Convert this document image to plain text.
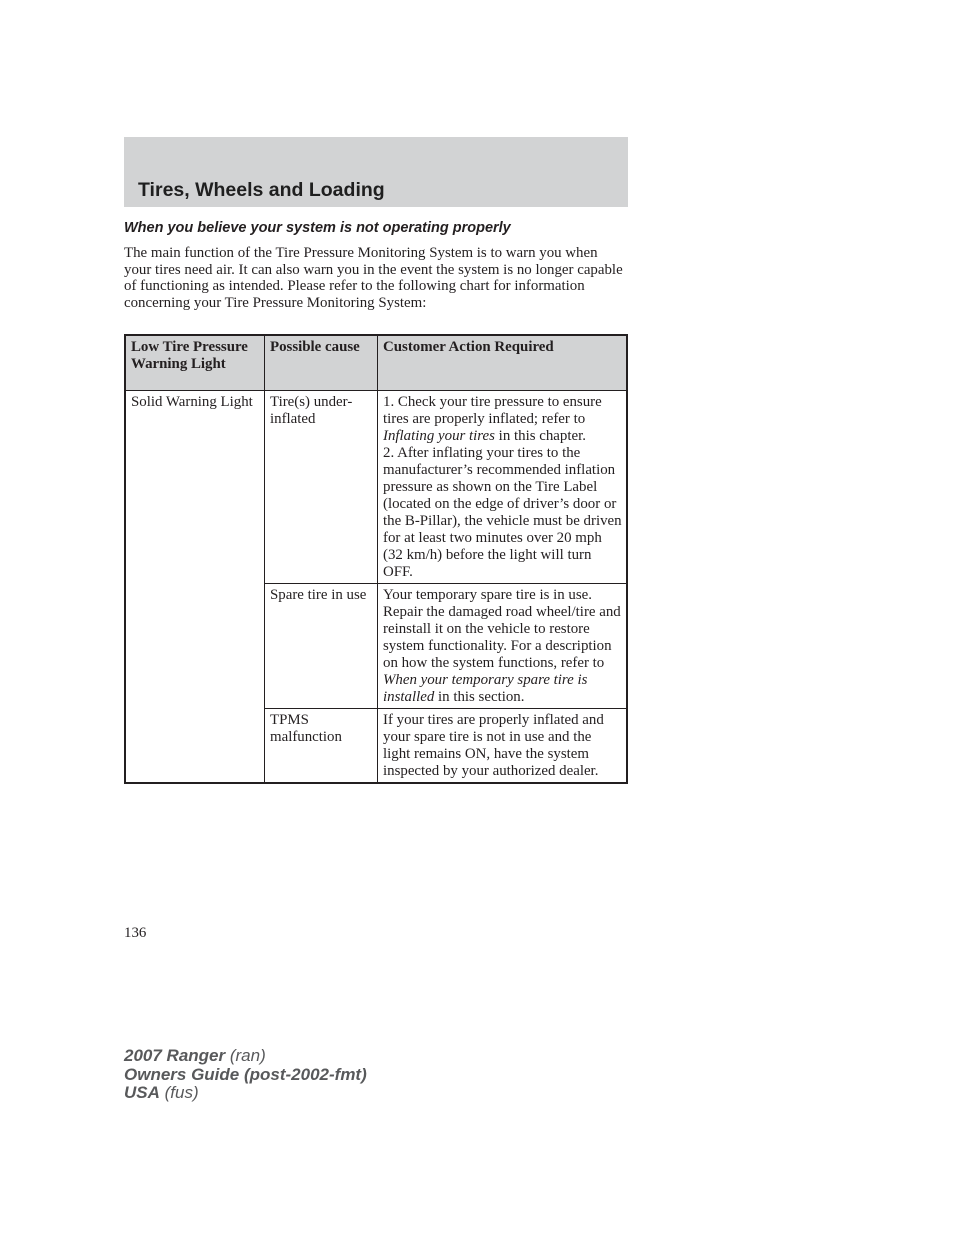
Tires, Wheels and Loading
When you believe your system is not operating properly

The main function of the Tire Pressure Monitoring System is to warn you when your tires need air. It can also warn you in the event the system is no longer capable of functioning as intended. Please refer to the following chart for information concerning your Tire Pressure Monitoring System:

Low Tire Pressure Warning Light	Possible cause	Customer Action Required
Solid Warning Light	Tire(s) under-inflated	1. Check your tire pressure to ensure tires are properly inflated; refer to Inflating your tires in this chapter.
2. After inflating your tires to the manufacturer’s recommended inflation pressure as shown on the Tire Label (located on the edge of driver’s door or the B-Pillar), the vehicle must be driven for at least two minutes over 20 mph (32 km/h) before the light will turn OFF.
	Spare tire in use	Your temporary spare tire is in use. Repair the damaged road wheel/tire and reinstall it on the vehicle to restore system functionality. For a description on how the system functions, refer to When your temporary spare tire is installed in this section.
	TPMS malfunction	If your tires are properly inflated and your spare tire is not in use and the light remains ON, have the system inspected by your authorized dealer.

136

2007 Ranger (ran)
Owners Guide (post-2002-fmt)
USA (fus)
